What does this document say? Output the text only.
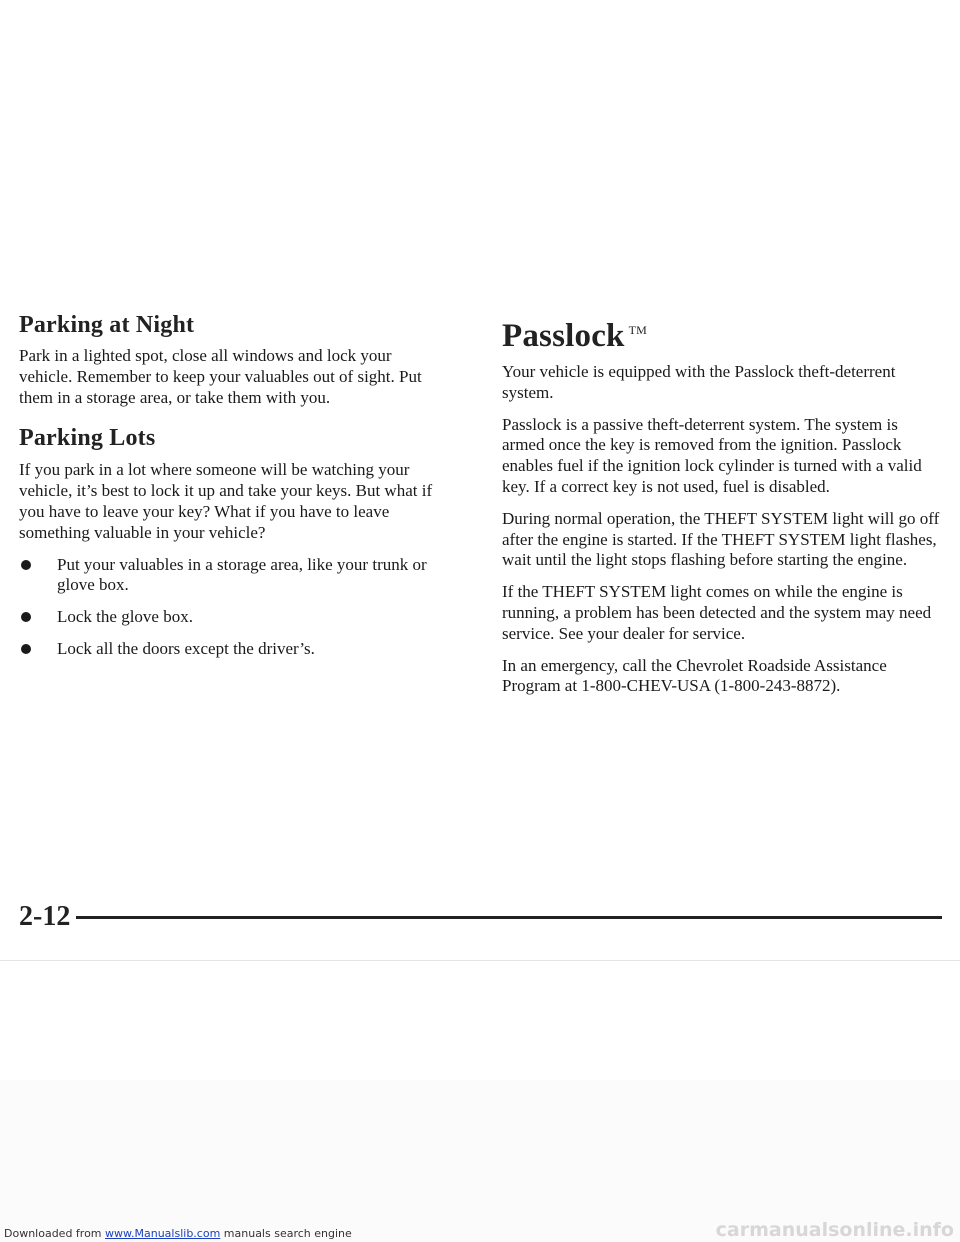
Parking at Night

Park in a lighted spot, close all windows and lock your vehicle. Remember to keep your valuables out of sight. Put them in a storage area, or take them with you.

Parking Lots

If you park in a lot where someone will be watching your vehicle, it’s best to lock it up and take your keys. But what if you have to leave your key? What if you have to leave something valuable in your vehicle?

Put your valuables in a storage area, like your trunk or glove box.
Lock the glove box.
Lock all the doors except the driver’s.
Passlock ™

Your vehicle is equipped with the Passlock theft-deterrent system.

Passlock is a passive theft-deterrent system. The system is armed once the key is removed from the ignition. Passlock enables fuel if the ignition lock cylinder is turned with a valid key. If a correct key is not used, fuel is disabled.

During normal operation, the THEFT SYSTEM light will go off after the engine is started. If the THEFT SYSTEM light flashes, wait until the light stops flashing before starting the engine.

If the THEFT SYSTEM light comes on while the engine is running, a problem has been detected and the system may need service. See your dealer for service.

In an emergency, call the Chevrolet Roadside Assistance Program at 1-800-CHEV-USA (1-800-243-8872).

2-12
Downloaded from www.Manualslib.com manuals search engine	carmanualsonline.info
